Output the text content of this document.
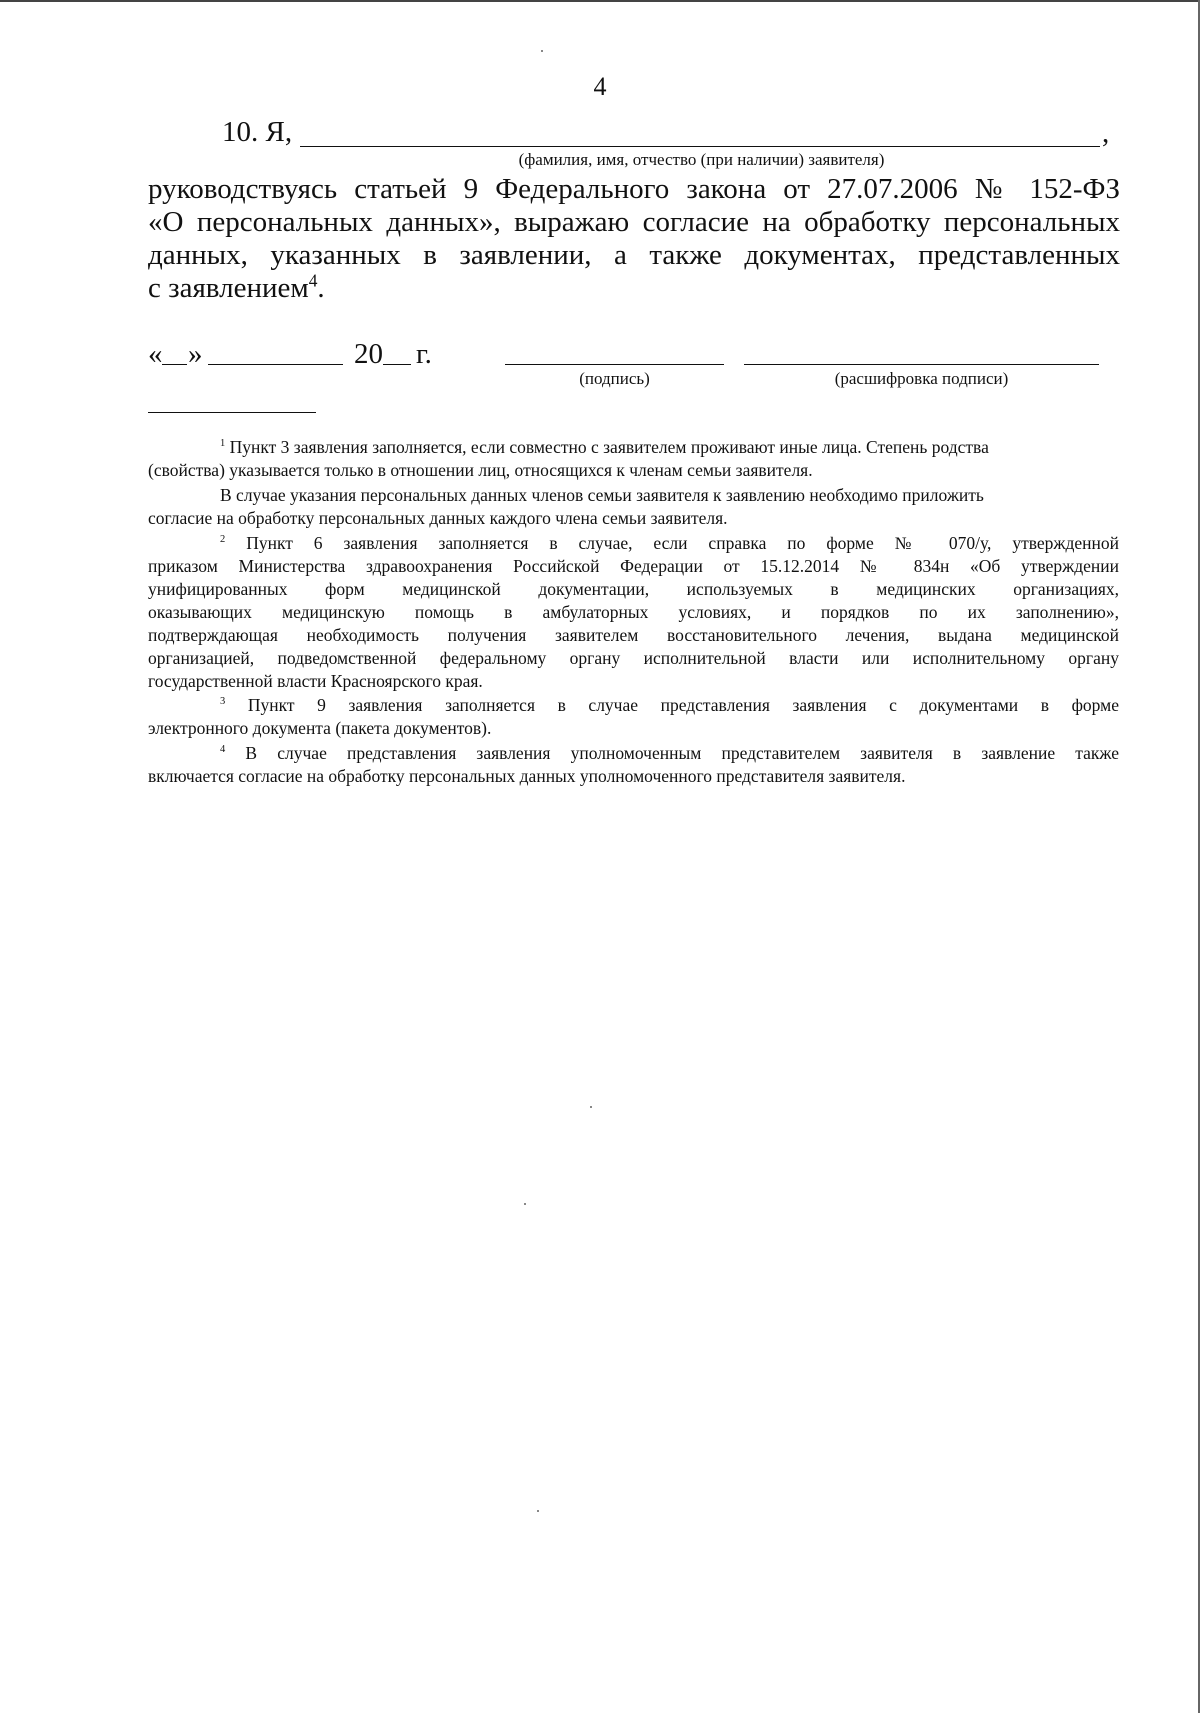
4
10. Я,	,
(фамилия, имя, отчество (при наличии) заявителя)
руководствуясь статьей 9 Федерального закона от 27.07.2006 № 152-ФЗ
«О персональных данных», выражаю согласие на обработку персональных
данных, указанных в заявлении, а также документах, представленных
с заявлением$^4$.
« »	20 г.
(подпись)	(расшифровка подписи)
$^1$ Пункт 3 заявления заполняется, если совместно с заявителем проживают иные лица. Степень родства
(свойства) указывается только в отношении лиц, относящихся к членам семьи заявителя.
В случае указания персональных данных членов семьи заявителя к заявлению необходимо приложить
согласие на обработку персональных данных каждого члена семьи заявителя.
$^2$ Пункт 6 заявления заполняется в случае, если справка по форме № 070/у, утвержденной
приказом Министерства здравоохранения Российской Федерации от 15.12.2014 № 834н «Об утверждении
унифицированных форм медицинской документации, используемых в медицинских организациях,
оказывающих медицинскую помощь в амбулаторных условиях, и порядков по их заполнению»,
подтверждающая необходимость получения заявителем восстановительного лечения, выдана медицинской
организацией, подведомственной федеральному органу исполнительной власти или исполнительному органу
государственной власти Красноярского края.
$^3$ Пункт 9 заявления заполняется в случае представления заявления с документами в форме
электронного документа (пакета документов).
$^4$ В случае представления заявления уполномоченным представителем заявителя в заявление также
включается согласие на обработку персональных данных уполномоченного представителя заявителя.
